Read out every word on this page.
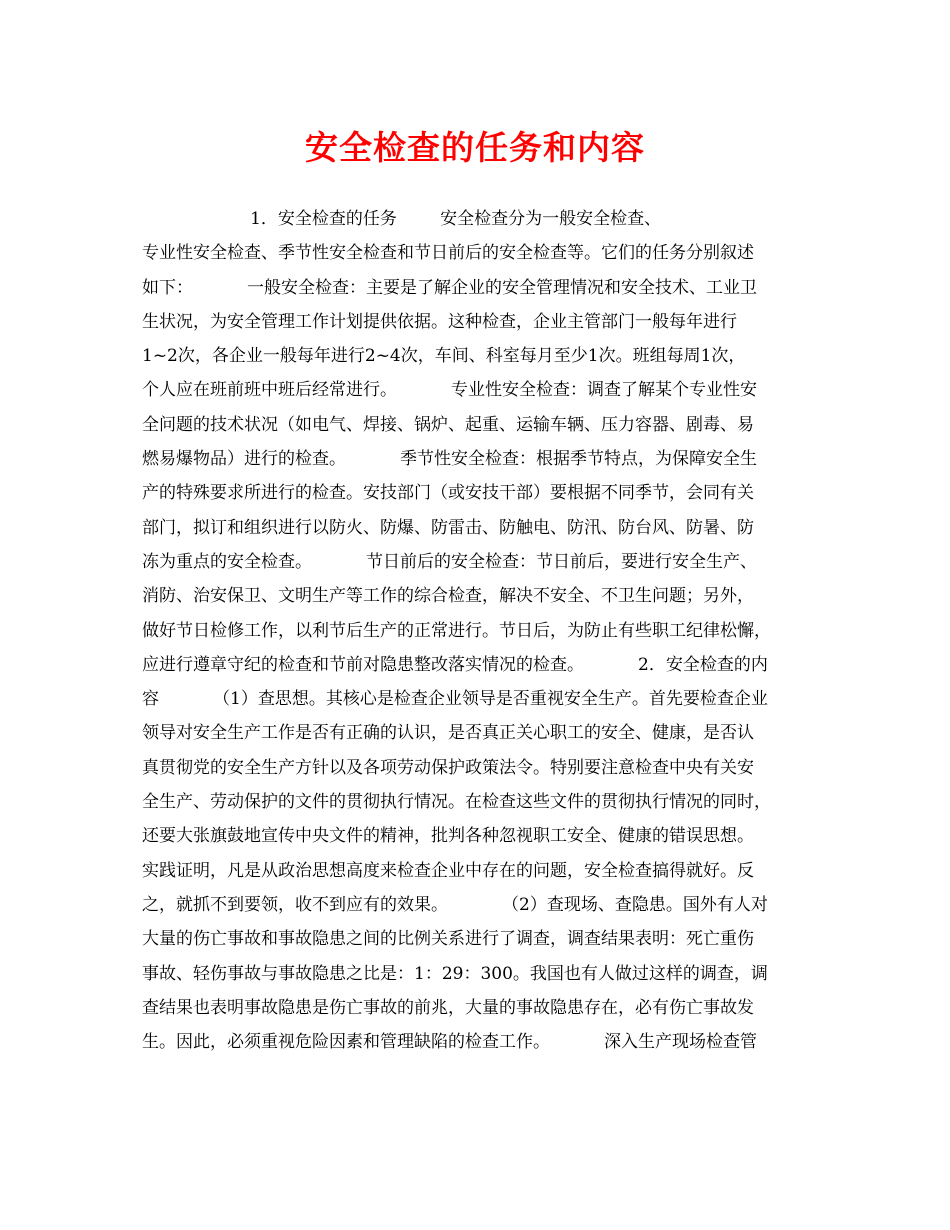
安全检查的任务和内容
1．安全检查的任务        安全检查分为一般安全检查、
专业性安全检查、季节性安全检查和节日前后的安全检查等。它们的任务分别叙述
如下：          一般安全检查：主要是了解企业的安全管理情况和安全技术、工业卫
生状况，为安全管理工作计划提供依据。这种检查，企业主管部门一般每年进行
1~2次，各企业一般每年进行2~4次，车间、科室每月至少1次。班组每周1次，
个人应在班前班中班后经常进行。          专业性安全检查：调查了解某个专业性安
全问题的技术状况（如电气、焊接、锅炉、起重、运输车辆、压力容器、剧毒、易
燃易爆物品）进行的检查。          季节性安全检查：根据季节特点，为保障安全生
产的特殊要求所进行的检查。安技部门（或安技干部）要根据不同季节，会同有关
部门，拟订和组织进行以防火、防爆、防雷击、防触电、防汛、防台风、防暑、防
冻为重点的安全检查。          节日前后的安全检查：节日前后，要进行安全生产、
消防、治安保卫、文明生产等工作的综合检查，解决不安全、不卫生问题；另外，
做好节日检修工作，以利节后生产的正常进行。节日后，为防止有些职工纪律松懈，
应进行遵章守纪的检查和节前对隐患整改落实情况的检查。          2．安全检查的内
容          （1）查思想。其核心是检查企业领导是否重视安全生产。首先要检查企业
领导对安全生产工作是否有正确的认识，是否真正关心职工的安全、健康，是否认
真贯彻党的安全生产方针以及各项劳动保护政策法令。特别要注意检查中央有关安
全生产、劳动保护的文件的贯彻执行情况。在检查这些文件的贯彻执行情况的同时，
还要大张旗鼓地宣传中央文件的精神，批判各种忽视职工安全、健康的错误思想。
实践证明，凡是从政治思想高度来检查企业中存在的问题，安全检查搞得就好。反
之，就抓不到要领，收不到应有的效果。          （2）查现场、查隐患。国外有人对
大量的伤亡事故和事故隐患之间的比例关系进行了调查，调查结果表明：死亡重伤
事故、轻伤事故与事故隐患之比是：1：29：300。我国也有人做过这样的调查，调
查结果也表明事故隐患是伤亡事故的前兆，大量的事故隐患存在，必有伤亡事故发
生。因此，必须重视危险因素和管理缺陷的检查工作。          深入生产现场检查管
